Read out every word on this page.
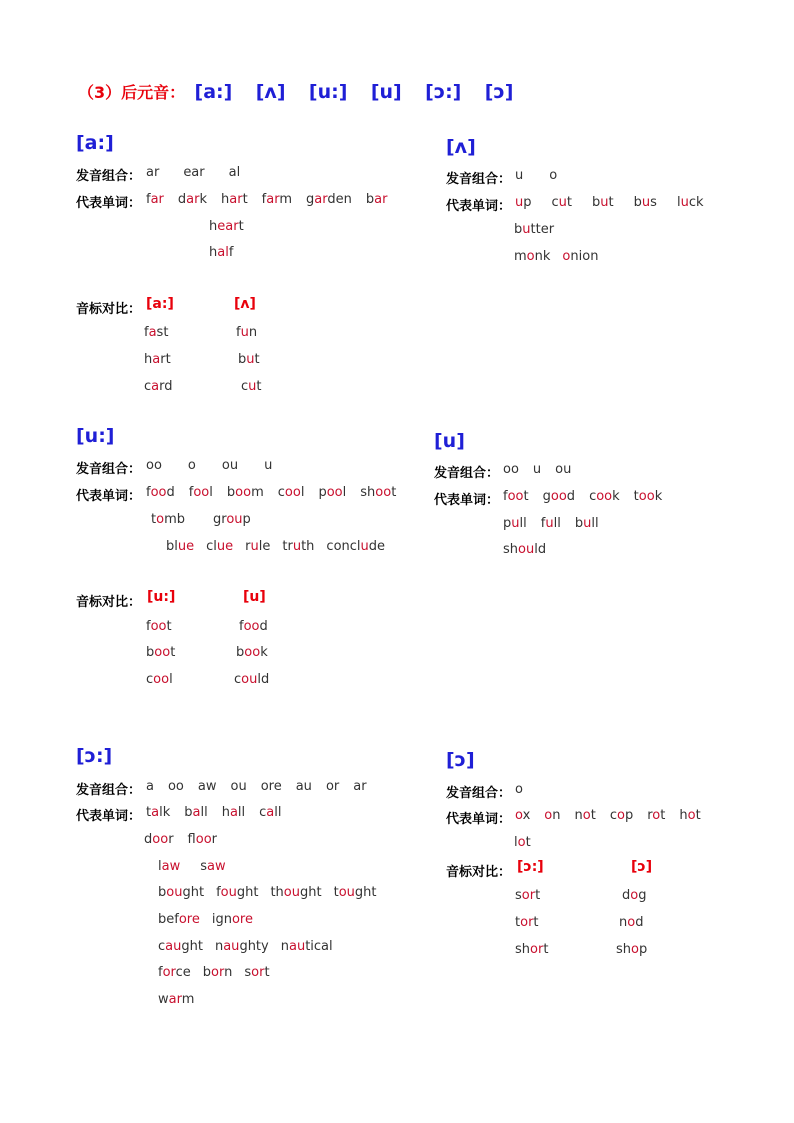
（3）后元音： [a:] [ʌ] [u:] [u] [ɔ:] [ɔ]
[a:]
发音组合： ar ear al
代表单词： far dark hart farm garden bar
heart
half
音标对比： [a:]	[ʌ]
fast	fun
hart	but
card	cut
[ʌ]
发音组合： u o
代表单词： up cut but bus luck
butter
monk onion
[u:]
发音组合： oo o ou u
代表单词： food fool boom cool pool shoot
tomb group
blue clue rule truth conclude
音标对比： [u:]	[u]
foot	food
boot	book
cool	could
[u]
发音组合： oo u ou
代表单词： foot good cook took
pull full bull
should
[ɔ:]
发音组合： a oo aw ou ore au or ar
代表单词： talk ball hall call
door floor
law saw
bought fought thought tought
before ignore
caught naughty nautical
force born sort
warm
[ɔ]
发音组合： o
代表单词： ox on not cop rot hot
lot
音标对比： [ɔ:]	[ɔ]
sort	dog
tort	nod
short	shop
